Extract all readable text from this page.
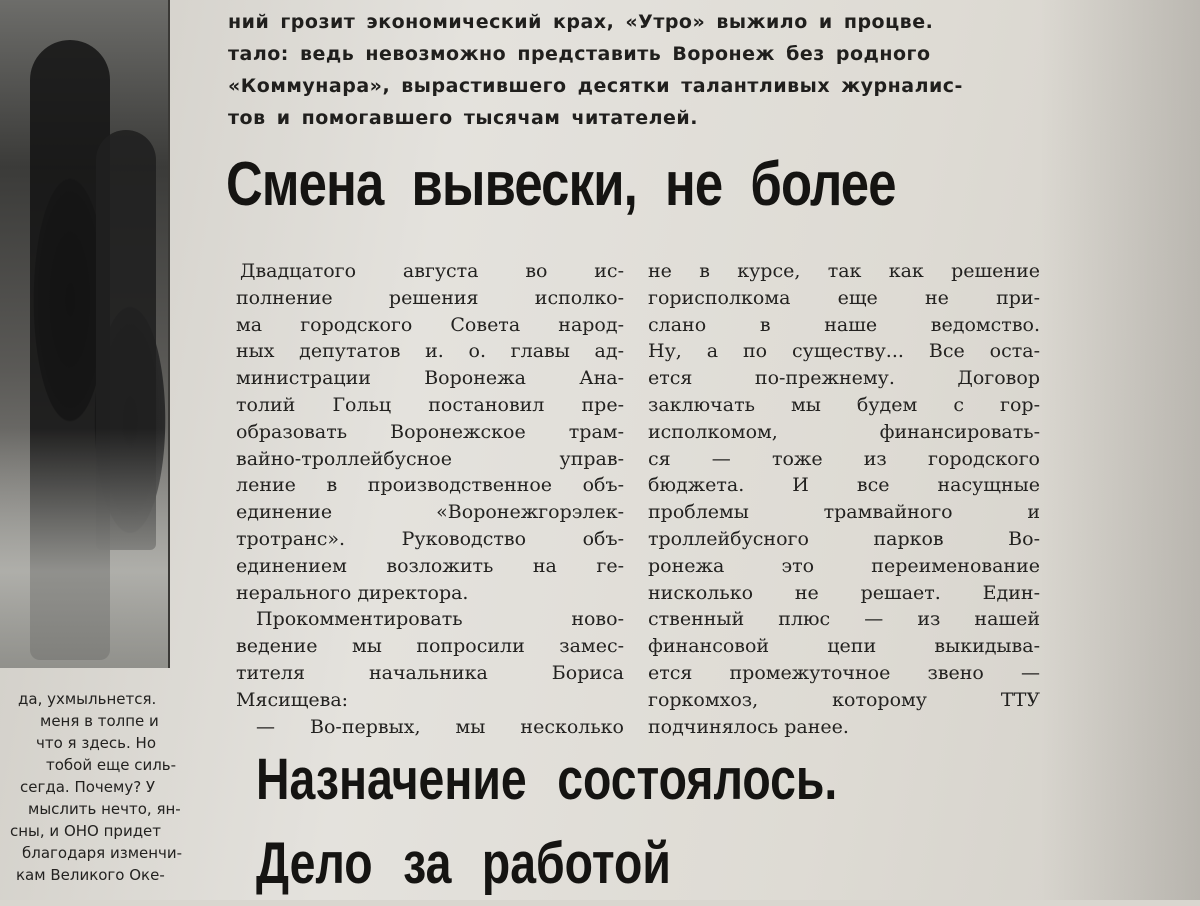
ний грозит экономический крах, «Утро» выжило и процве.
тало: ведь невозможно представить Воронеж без родного
«Коммунара», вырастившего десятки талантливых журналис-
тов и помогавшего тысячам читателей.
Смена вывески, не более
Двадцатого августа во ис-
полнение решения исполко-
ма городского Совета народ-
ных депутатов и. о. главы ад-
министрации Воронежа Ана-
толий Гольц постановил пре-
образовать Воронежское трам-
вайно-троллейбусное управ-
ление в производственное объ-
единение «Воронежгорэлек-
тротранс». Руководство объ-
единением возложить на ге-
нерального директора.
Прокомментировать ново-
ведение мы попросили замес-
тителя начальника Бориса
Мясищева:
— Во-первых, мы несколько
не в курсе, так как решение
горисполкома еще не при-
слано в наше ведомство.
Ну, а по существу... Все оста-
ется по-прежнему. Договор
заключать мы будем с гор-
исполкомом, финансировать-
ся — тоже из городского
бюджета. И все насущные
проблемы трамвайного и
троллейбусного парков Во-
ронежа это переименование
нисколько не решает. Един-
ственный плюс — из нашей
финансовой цепи выкидыва-
ется промежуточное звено —
горкомхоз, которому ТТУ
подчинялось ранее.
да, ухмыльнется.
меня в толпе и
что я здесь. Но
тобой еще силь-
сегда. Почему? У
мыслить нечто, ян-
сны, и ОНО придет
благодаря изменчи-
кам Великого Оке-
Назначение состоялось.
Дело за работой
